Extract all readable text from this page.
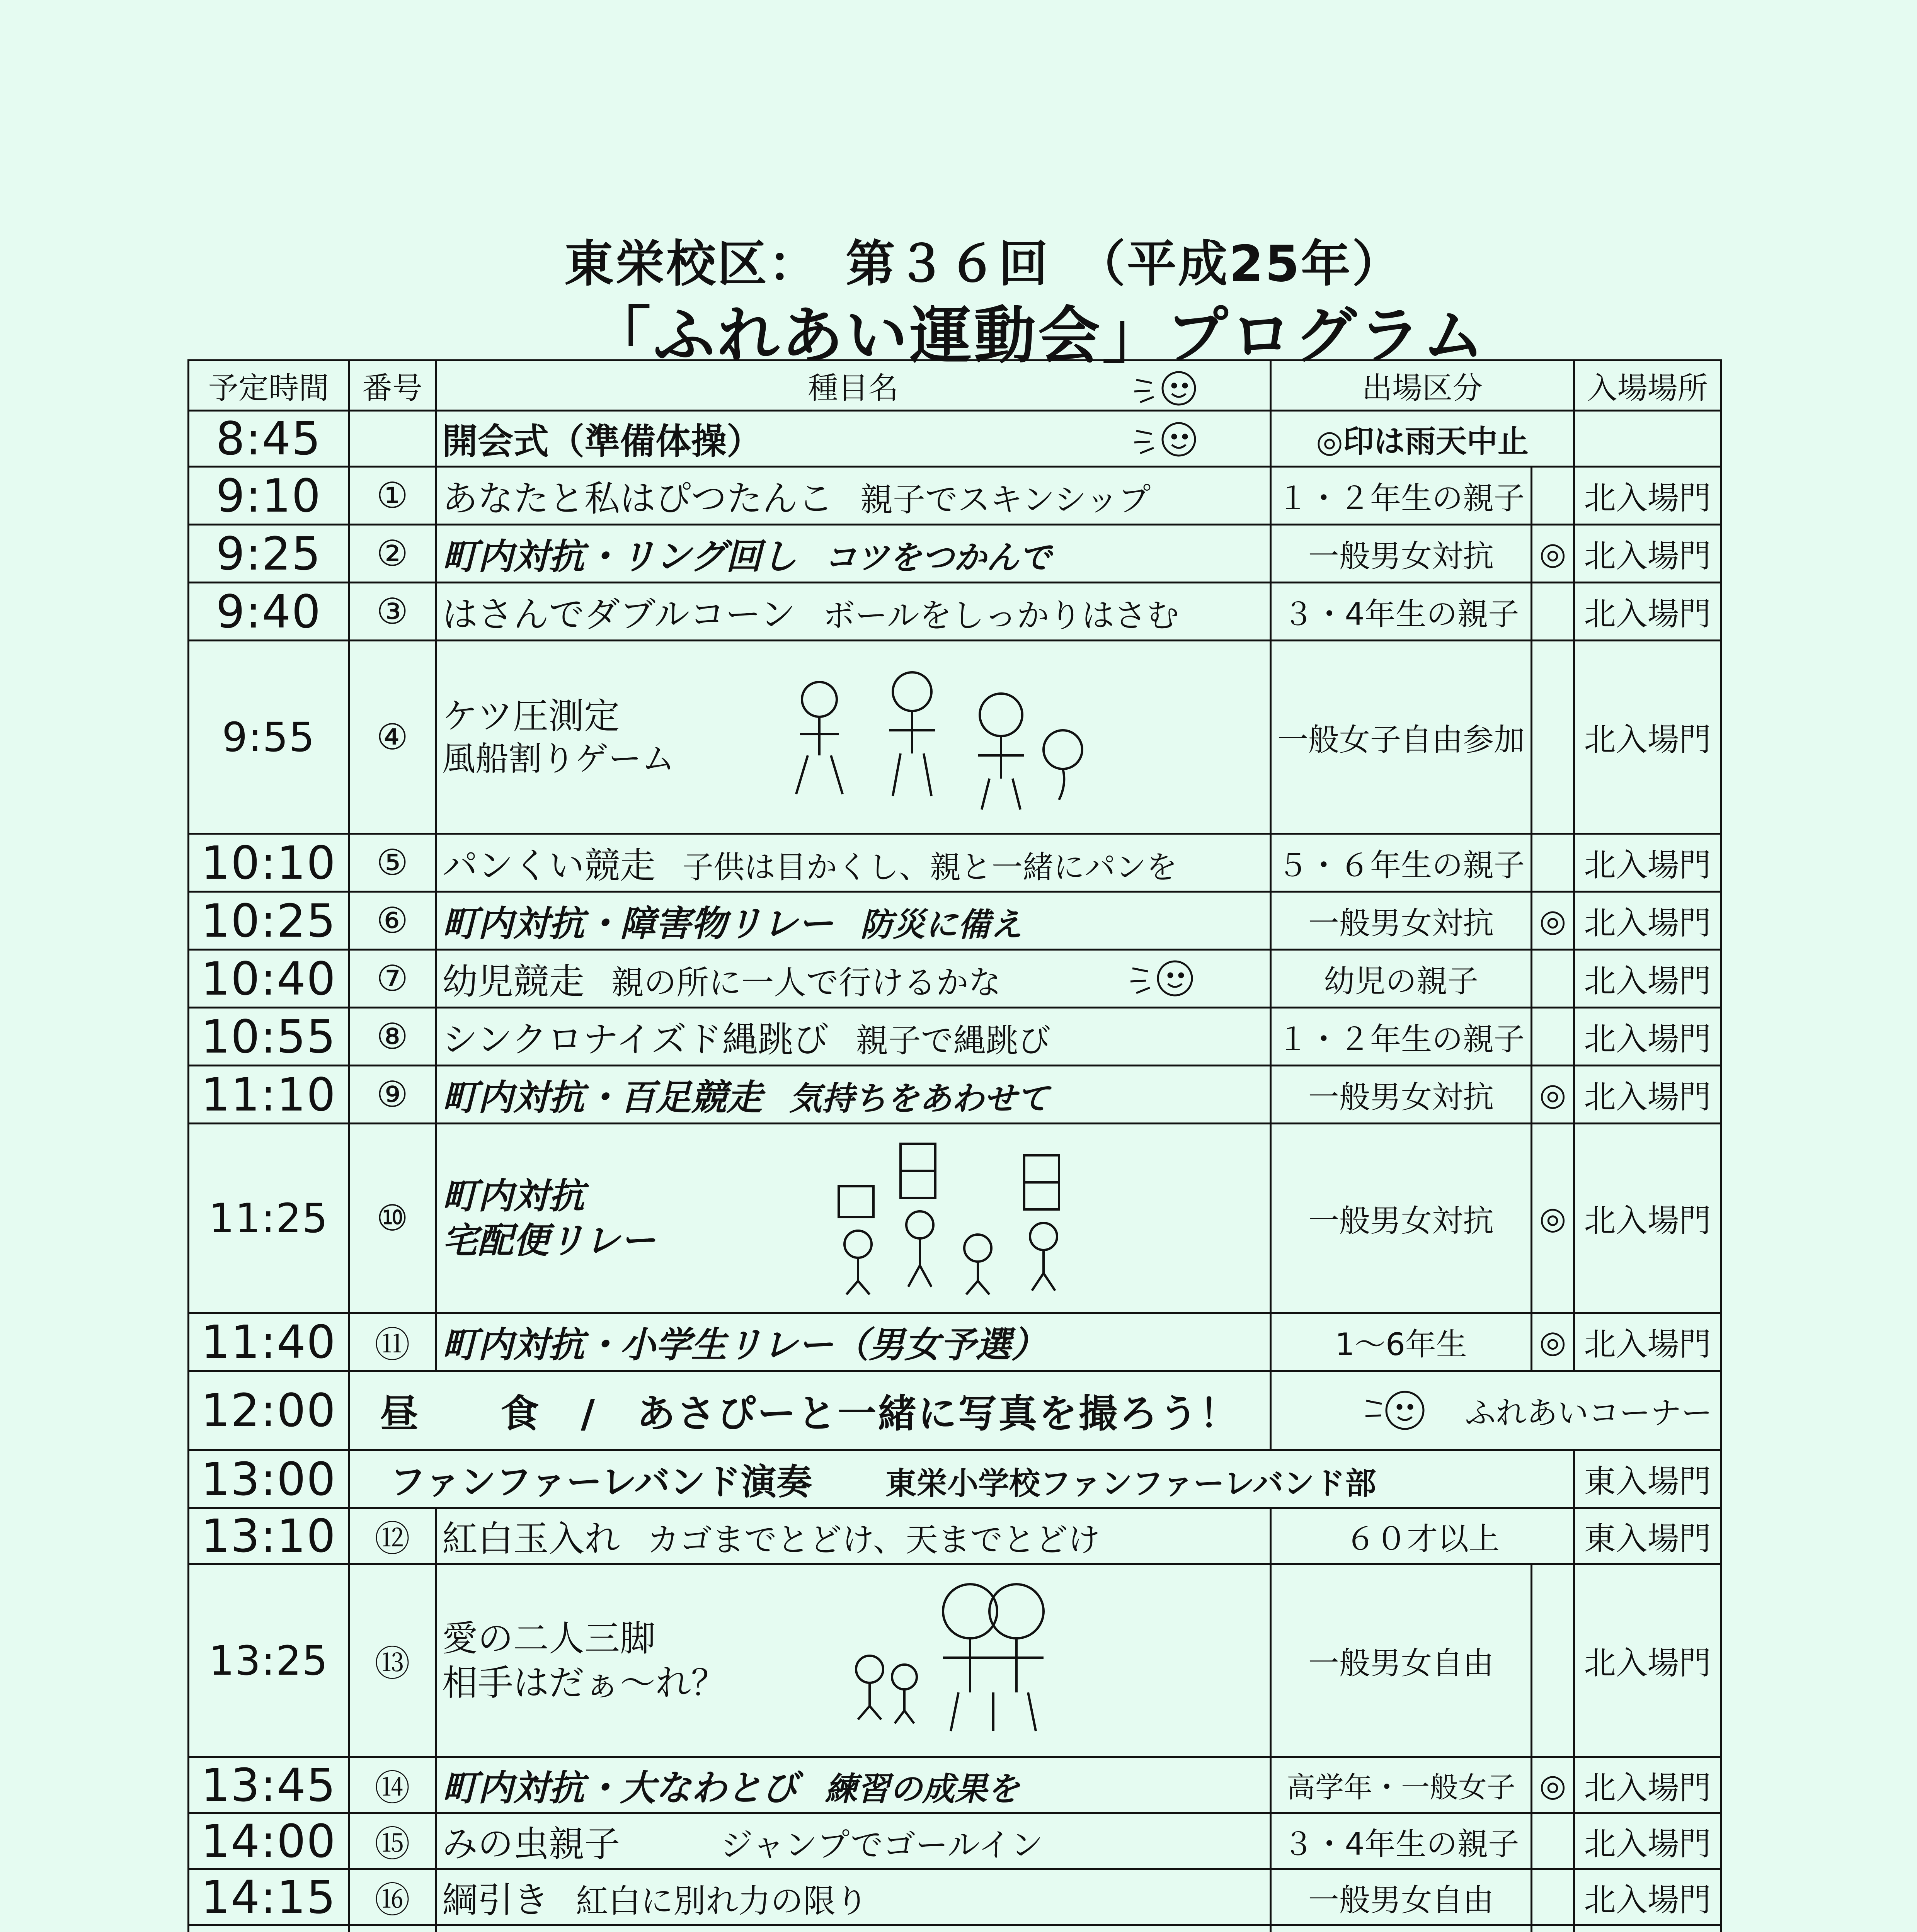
東栄校区：　第３６回　（平成25年）
「ふれあい運動会」プログラム
予定時間	番号	種目名	出場区分		入場場所
8:45		開会式（準備体操）	◎印は雨天中止		
9:10	①	あなたと私はぴつたんこ 親子でスキンシップ	１・２年生の親子		北入場門
9:25	②	町内対抗・リング回し コツをつかんで	一般男女対抗	◎	北入場門
9:40	③	はさんでダブルコーン ボールをしっかりはさむ	３・4年生の親子		北入場門
9:55	④	ケツ圧測定
風船割りゲーム	一般女子自由参加		北入場門
10:10	⑤	パンくい競走 子供は目かくし、親と一緒にパンを	５・６年生の親子		北入場門
10:25	⑥	町内対抗・障害物リレー 防災に備え	一般男女対抗	◎	北入場門
10:40	⑦	幼児競走 親の所に一人で行けるかな	幼児の親子		北入場門
10:55	⑧	シンクロナイズド縄跳び 親子で縄跳び	１・２年生の親子		北入場門
11:10	⑨	町内対抗・百足競走 気持ちをあわせて	一般男女対抗	◎	北入場門
11:25	⑩	町内対抗
宅配便リレー	一般男女対抗	◎	北入場門
11:40	⑪	町内対抗・小学生リレー（男女予選）	1〜6年生	◎	北入場門
12:00	昼　　食　/　あさぴーと一緒に写真を撮ろう！		ふれあいコーナー		
13:00	ファンファーレバンド演奏 東栄小学校ファンファーレバンド部				東入場門
13:10	⑫	紅白玉入れ カゴまでとどけ、天までとどけ	６０才以上		東入場門
13:25	⑬	愛の二人三脚
相手はだぁ〜れ？	一般男女自由		北入場門
13:45	⑭	町内対抗・大なわとび 練習の成果を	高学年・一般女子	◎	北入場門
14:00	⑮	みの虫親子 ジャンプでゴールイン	３・4年生の親子		北入場門
14:15	⑯	綱引き 紅白に別れ力の限り	一般男女自由		北入場門
